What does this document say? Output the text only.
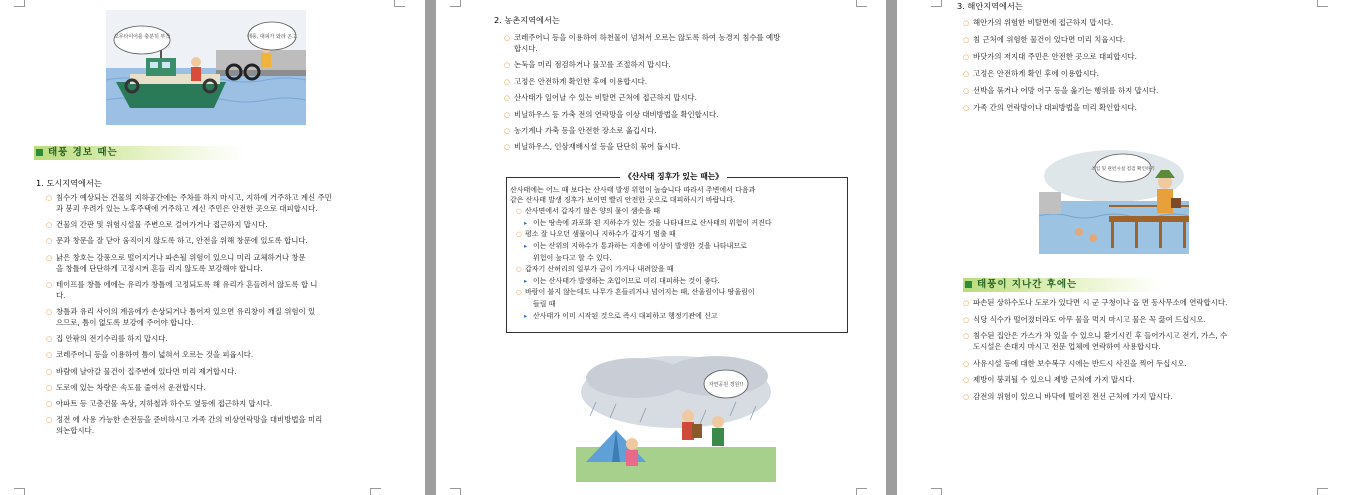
고무타이어를 충분히 부착	태풍, 대피가 와라 곤고
태풍 경보 때는
1. 도시지역에서는
○ 침수가 예상되는 건물의 지하공간에는 주차를 하지 마시고, 지하에 거주하고 계신 주민
과 붕괴 우려가 있는 노후주택에 거주하고 계신 주민은 안전한 곳으로 대피합시다.
○ 건물의 간판 및 위험시설물 주변으로 걸어가거나 접근하지 맙시다.
○ 문과 창문을 잘 닫아 움직이지 않도록 하고, 안전을 위해 창문에 있도록 합니다.
○ 낡은 창호는 강풍으로 떨어지거나 파손될 위험이 있으니 미리 교체하거나 창문
을 창틀에 단단하게 고정시켜 흔들 리지 않도록 보강해야 합니다.
○ 테이프를 창틀 에에는 유리가 창틀에 고정되도록 해 유리가 흔들려서 않도록 합 니
다.
○ 창틀과 유리 사이의 계음에가 손상되거나 틈어져 있으면 유리창이 깨질 위험이 있
으므로, 틈이 없도록 보강에 주어야 합니다.
○ 집 안팎의 전기수리를 하지 맙시다.
○ 코레주어니 등을 이용하여 틈이 넓혀서 오르는 것을 피웁시다.
○ 바람에 날아갈 물건이 집주변에 있다면 미리 제거합시다.
○ 도로에 있는 차량은 속도를 줄여서 운전합시다.
○ 아파트 등 고층건물 옥상, 지하철과 하수도 옆등에 접근하지 맙시다.
○ 정전 에 사용 가능한 손전등을 준비하시고 가족 간의 비상연락망을 대비방법을 미리
의논합시다.
2. 농촌지역에서는
○ 코레주어니 등을 이용하여 하천물이 넘쳐서 오르는 않도록 하여 농경지 침수를 예방
합시다.
○ 논둑을 미리 점검하거나 물꼬를 조절하지 맙시다.
○ 고정은 안전하게 확인한 후에 이용합시다.
○ 산사태가 일어날 수 있는 비탈면 근처에 접근하지 맙시다.
○ 비닐하우스 등 가축 전의 연락망을 이상 대비방법을 확인합시다.
○ 농기계나 가축 등을 안전한 장소로 옮깁시다.
○ 비닐하우스, 인삼재배시설 등을 단단히 묶어 둡시다.
《산사태 징후가 있는 때는》
산사태에는 어느 때 보다는 산사태 발생 위험이 높습니다 따라서 주변에서 다음과
같은 산사태 발생 징후가 보이면 빨리 안전한 곳으로 대피하시기 바랍니다.
○ 산사면에서 갑자기 많은 양의 물이 샘솟을 때
▸ 이는 땅속에 과포화 된 지하수가 있는 것을 나타내므로 산사태의 위험이 커진다
○ 평소 잘 나오던 샘물이나 지하수가 갑자기 멈출 때
▸ 이는 산위의 지하수가 통과하는 지층에 이상이 발생한 것을 나타내므로
위험이 높다고 할 수 있다.
○ 갑자기 산허리의 일부가 금이 가거나 내려앉을 때
▸ 이는 산사태가 발생하는 초입이므로 미리 대피하는 것이 좋다.
○ 바람이 불지 않는데도 나무가 흔들리거나 넘어지는 때, 산울림이나 땅울림이
들릴 때
▸ 산사태가 이미 시작된 것으로 즉시 대피하고 행정기관에 신고
자연공원 경원!!
3. 해안지역에서는
○ 해안가의 위험한 비탈면에 접근하지 맙시다.
○ 침 근처에 위험한 물건이 있다면 미리 치웁시다.
○ 바닷가의 저지대 주민은 안전한 곳으로 대피합시다.
○ 고정은 안전하게 확인 후에 이용합시다.
○ 선박을 묶거나 어망 어구 등을 옮기는 행위를 하지 맙시다.
○ 가족 간의 연락망이나 대피방법을 미리 확인합시다.
조업 및 관련시설 점검 확인하기
태풍이 지나간 후에는
○ 파손된 상하수도나 도로가 있다면 시 군 구청이나 읍 면 동사무소에 연락합시다.
○ 식당 식수가 떨어졌더라도 아무 물을 먹지 마시고 물은 꼭 끓여 드십시오.
○ 침수된 집안은 가스가 차 있을 수 있으니 환기시킨 후 들어가시고 전기, 가스, 수
도시설은 손대지 마시고 전문 업체에 연락하여 사용합시다.
○ 사유시설 등에 대한 보수복구 시에는 반드시 사진을 찍어 두십시오.
○ 제방이 붕괴될 수 있으니 제방 근처에 가지 맙시다.
○ 감전의 위험이 있으니 바닥에 떨어진 전선 근처에 가지 맙시다.
